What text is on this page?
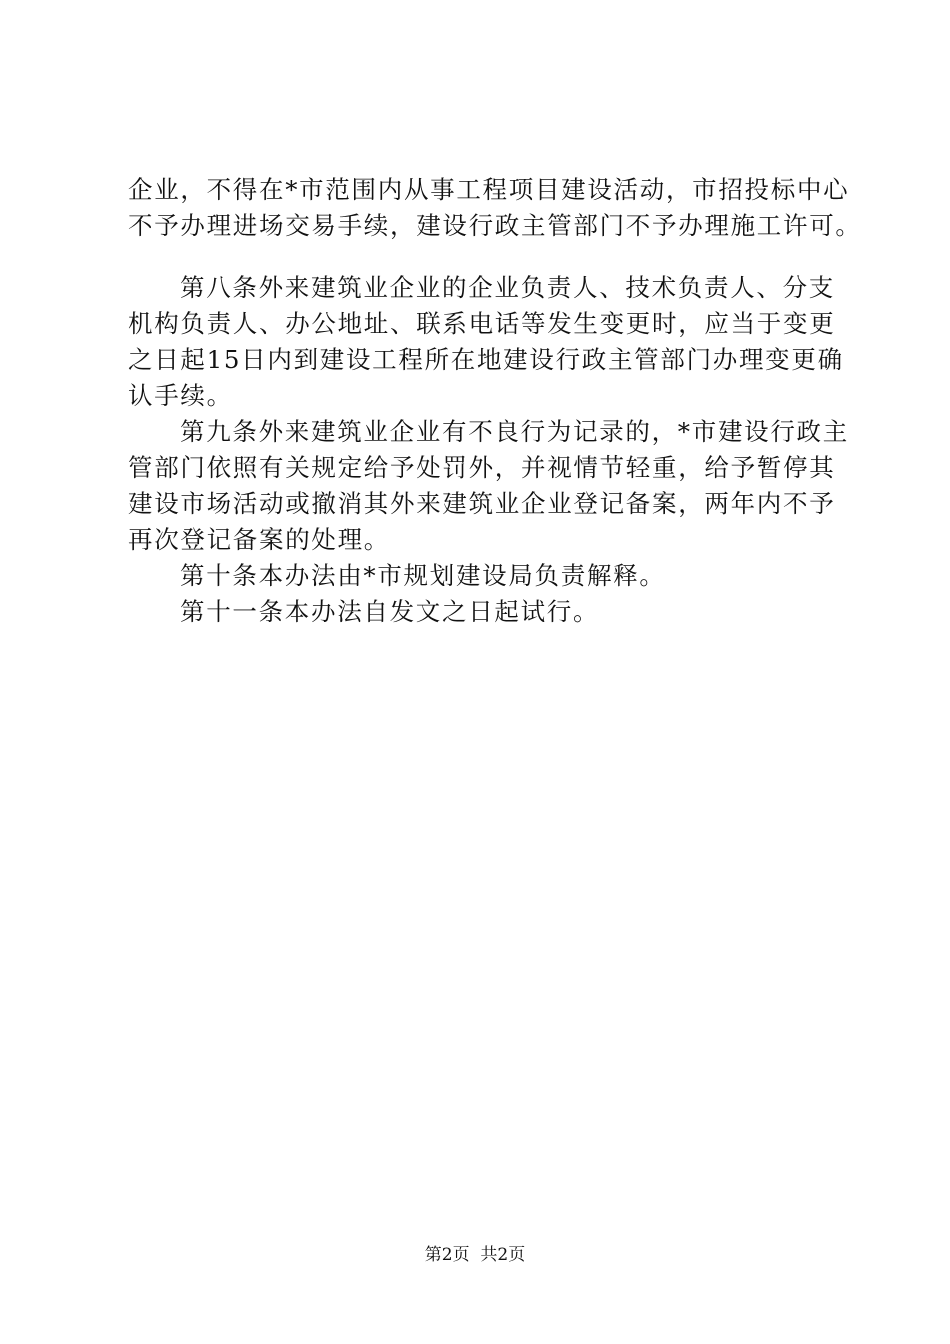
企业，不得在*市范围内从事工程项目建设活动，市招投标中心
不予办理进场交易手续，建设行政主管部门不予办理施工许可。
第八条外来建筑业企业的企业负责人、技术负责人、分支
机构负责人、办公地址、联系电话等发生变更时，应当于变更
之日起15日内到建设工程所在地建设行政主管部门办理变更确
认手续。
第九条外来建筑业企业有不良行为记录的，*市建设行政主
管部门依照有关规定给予处罚外，并视情节轻重，给予暂停其
建设市场活动或撤消其外来建筑业企业登记备案，两年内不予
再次登记备案的处理。
第十条本办法由*市规划建设局负责解释。
第十一条本办法自发文之日起试行。
第2页  共2页
